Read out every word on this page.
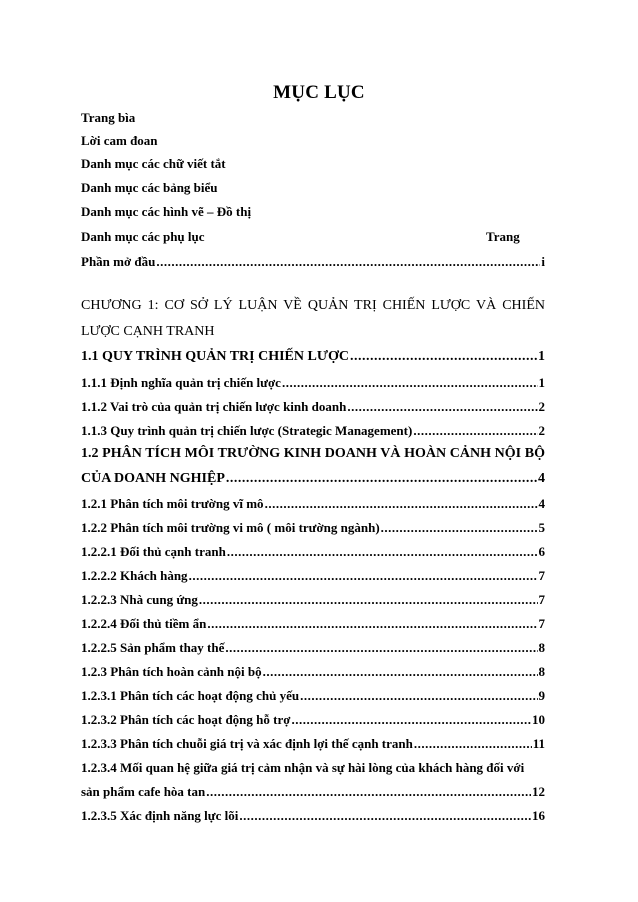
MỤC LỤC
Trang bìa
Lời cam đoan
Danh mục các chữ viết tắt
Danh mục các bảng biểu
Danh mục các hình vẽ – Đồ thị
Danh mục các phụ lục	Trang
Phần mở đầu .....	i
CHƯƠNG 1: CƠ SỞ LÝ LUẬN VỀ QUẢN TRỊ CHIẾN LƯỢC VÀ CHIẾN
LƯỢC CẠNH TRANH
1.1 QUY TRÌNH QUẢN TRỊ CHIẾN LƯỢC .....	1
1.1.1 Định nghĩa quản trị chiến lược .....	1
1.1.2 Vai trò của quản trị chiến lược kinh doanh .....	2
1.1.3 Quy trình quản trị chiến lược (Strategic Management) .....	2
1.2 PHÂN TÍCH MÔI TRƯỜNG KINH DOANH VÀ HOÀN CẢNH NỘI BỘ
CỦA DOANH NGHIỆP .....	4
1.2.1 Phân tích môi trường vĩ mô .....	4
1.2.2 Phân tích môi trường vi mô ( môi trường ngành) .....	5
1.2.2.1 Đối thủ cạnh tranh .....	6
1.2.2.2 Khách hàng .....	7
1.2.2.3 Nhà cung ứng .....	7
1.2.2.4 Đối thủ tiềm ẩn .....	7
1.2.2.5 Sản phẩm thay thế .....	8
1.2.3 Phân tích hoàn cảnh nội bộ .....	8
1.2.3.1 Phân tích các hoạt động chủ yếu .....	9
1.2.3.2 Phân tích các hoạt động hỗ trợ .....	10
1.2.3.3 Phân tích chuỗi giá trị và xác định lợi thế cạnh tranh .....	11
1.2.3.4 Mối quan hệ giữa giá trị cảm nhận và sự hài lòng của khách hàng đối với
sản phẩm cafe hòa tan .....	12
1.2.3.5 Xác định năng lực lõi .....	16
